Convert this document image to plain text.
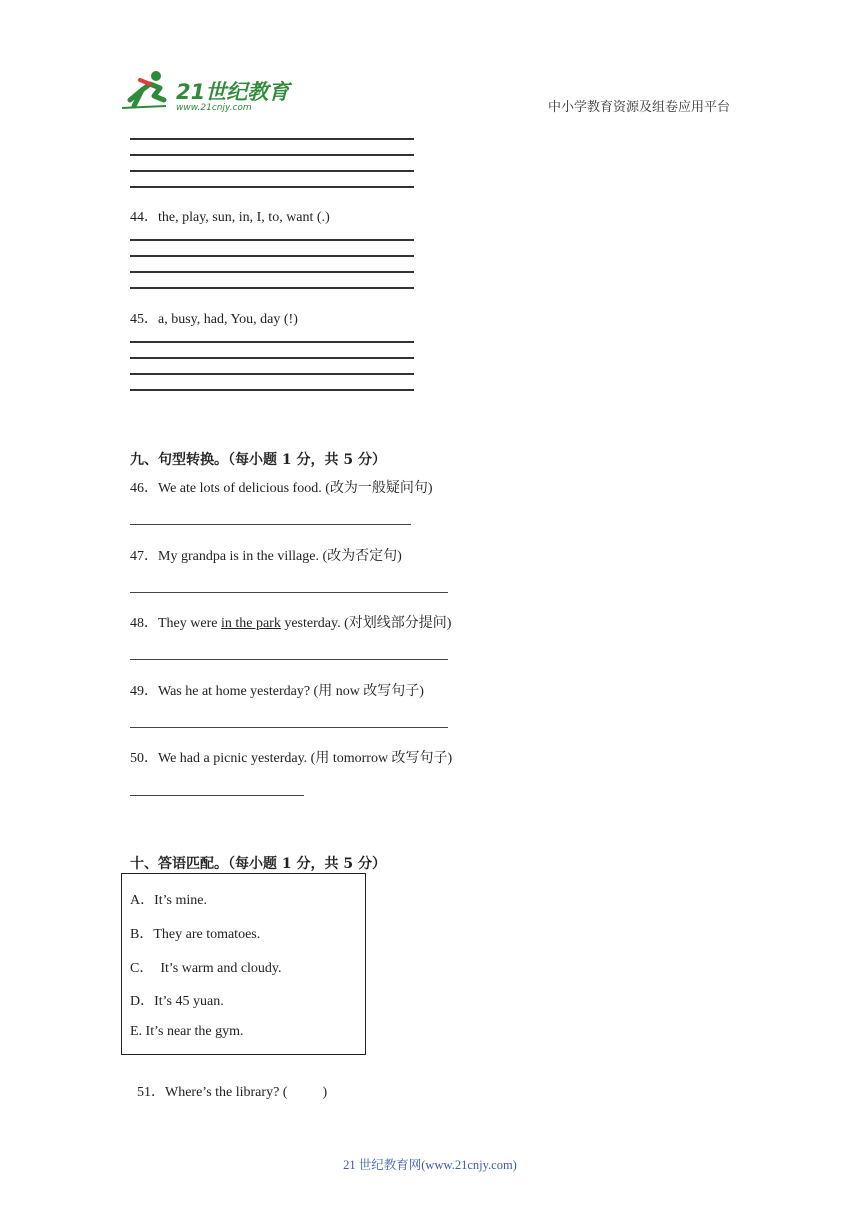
21世纪教育
www.21cnjy.com	中小学教育资源及组卷应用平台
44．the, play, sun, in, I, to, want (.)
45．a, busy, had, You, day (!)
九、句型转换。（每小题 1 分，共 5 分）
46．We ate lots of delicious food. (改为一般疑问句)
47．My grandpa is in the village. (改为否定句)
48．They were in the park yesterday. (对划线部分提问)
49．Was he at home yesterday? (用 now 改写句子)
50．We had a picnic yesterday. (用 tomorrow 改写句子)
十、答语匹配。（每小题 1 分，共 5 分）
A．It’s mine.
B．They are tomatoes.
C．  It’s warm and cloudy.
D．It’s 45 yuan.
E. It’s near the gym.

51．Where’s the library? (          )

21 世纪教育网(www.21cnjy.com)
